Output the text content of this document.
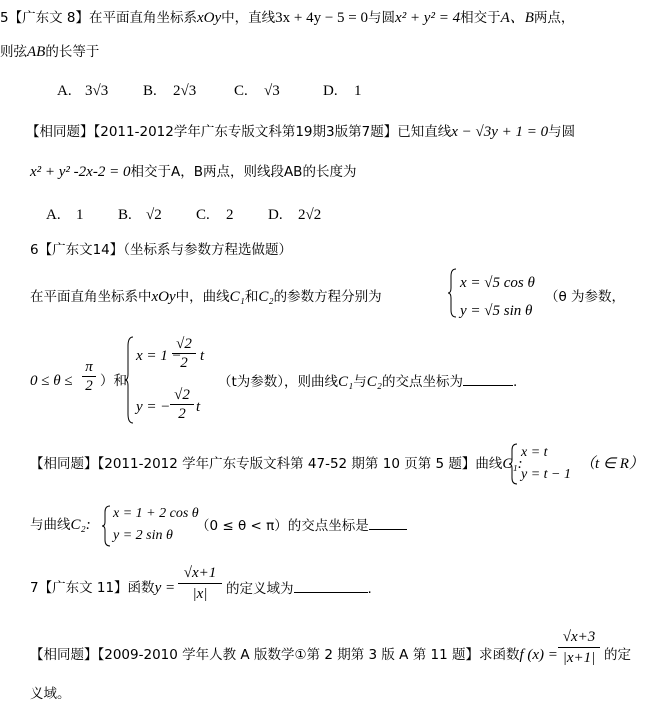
5【广东文 8】在平面直角坐标系xOy中，直线3x + 4y − 5 = 0与圆x² + y² = 4相交于A、B两点，
则弦AB的长等于
A. 3√3 B. 2√3	C. √3	D. 1
【相同题】【2011-2012学年广东专版文科第19期3版第7题】已知直线x − √3y + 1 = 0与圆
x² + y² -2x-2 = 0相交于A，B两点，则线段AB的长度为
A. 1 B. √2 C. 2 D. 2√2
6【广东文14】（坐标系与参数方程选做题）
在平面直角坐标系中xOy中，曲线C₁和C₂的参数方程分别为
x = √5 cos θ
y = √5 sin θ
（θ 为参数，
0 ≤ θ ≤
π
2 ）和
x = 1 −
$\frac{√2}{2}$ t
y = − $\frac{√2}{2}$ t
（t为参数），则曲线C₁与C₂的交点坐标为	.
【相同题】【2011-2012 学年广东专版文科第 47-52 期第 10 页第 5 题】曲线C₁:
x = t
y = t − 1
（t ∈ R）
与曲线C₂:
x = 1 + 2 cos θ
y = 2 sin θ
（0 ≤ θ < π）的交点坐标是
7【广东文 11】函数$y = \frac{√x+1}{|x|}$ 的定义域为	.
【相同题】【2009-2010 学年人教 A 版数学①第 2 期第 3 版 A 第 11 题】求函数f $(x) = \frac{√x+3}{|x+1|}$ 的定
义域。
